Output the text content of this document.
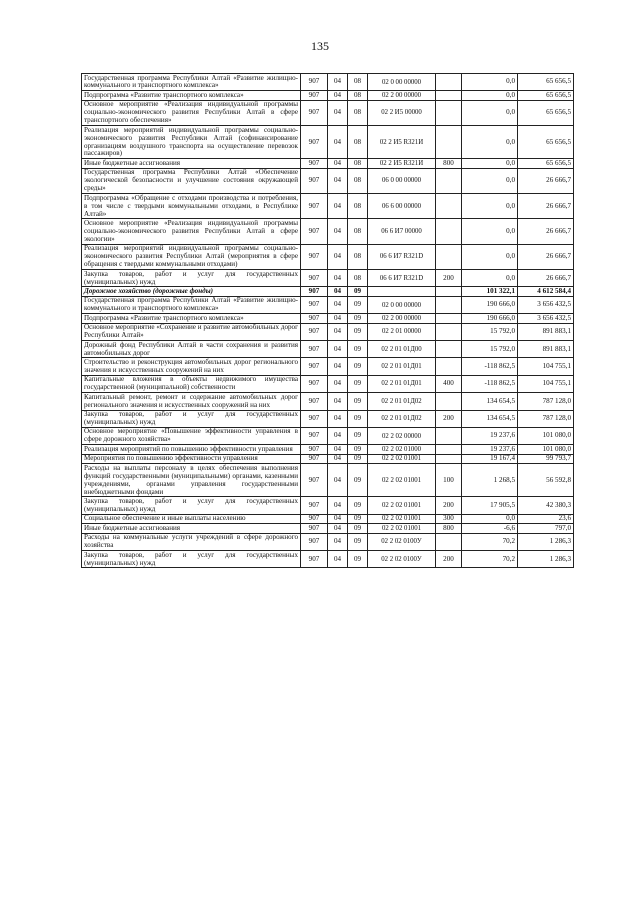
135
Государственная программа Республики Алтай «Развитие жилищно-коммунального и транспортного комплекса»	907	04	08	02 0 00 00000		0,0	65 656,5
Подпрограмма «Развитие транспортного комплекса»	907	04	08	02 2 00 00000		0,0	65 656,5
Основное мероприятие «Реализация индивидуальной программы социально-экономического развития Республики Алтай в сфере транспортного обеспечения»	907	04	08	02 2 И5 00000		0,0	65 656,5
Реализация мероприятий индивидуальной программы социально-экономического развития Республики Алтай (софинансирование организациям воздушного транспорта на осуществление перевозок пассажиров)	907	04	08	02 2 И5 R321И		0,0	65 656,5
Иные бюджетные ассигнования	907	04	08	02 2 И5 R321И	800	0,0	65 656,5
Государственная программа Республики Алтай «Обеспечение экологической безопасности и улучшение состояния окружающей среды»	907	04	08	06 0 00 00000		0,0	26 666,7
Подпрограмма «Обращение с отходами производства и потребления, в том числе с твердыми коммунальными отходами, в Республике Алтай»	907	04	08	06 6 00 00000		0,0	26 666,7
Основное мероприятие «Реализация индивидуальной программы социально-экономического развития Республики Алтай в сфере экологии»	907	04	08	06 6 И7 00000		0,0	26 666,7
Реализация мероприятий индивидуальной программы социально-экономического развития Республики Алтай (мероприятия в сфере обращения с твердыми коммунальными отходами)	907	04	08	06 6 И7 R321D		0,0	26 666,7
Закупка товаров, работ и услуг для государственных (муниципальных) нужд	907	04	08	06 6 И7 R321D	200	0,0	26 666,7
Дорожное хозяйство (дорожные фонды)	907	04	09			101 322,1	4 612 584,4
Государственная программа Республики Алтай «Развитие жилищно-коммунального и транспортного комплекса»	907	04	09	02 0 00 00000		190 666,0	3 656 432,5
Подпрограмма «Развитие транспортного комплекса»	907	04	09	02 2 00 00000		190 666,0	3 656 432,5
Основное мероприятие «Сохранение и развитие автомобильных дорог Республики Алтай»	907	04	09	02 2 01 00000		15 792,0	891 883,1
Дорожный фонд Республики Алтай в части сохранения и развития автомобильных дорог	907	04	09	02 2 01 01Д00		15 792,0	891 883,1
Строительство и реконструкция автомобильных дорог регионального значения и искусственных сооружений на них	907	04	09	02 2 01 01Д01		-118 862,5	104 755,1
Капитальные вложения в объекты недвижимого имущества государственной (муниципальной) собственности	907	04	09	02 2 01 01Д01	400	-118 862,5	104 755,1
Капитальный ремонт, ремонт и содержание автомобильных дорог регионального значения и искусственных сооружений на них	907	04	09	02 2 01 01Д02		134 654,5	787 128,0
Закупка товаров, работ и услуг для государственных (муниципальных) нужд	907	04	09	02 2 01 01Д02	200	134 654,5	787 128,0
Основное мероприятие «Повышение эффективности управления в сфере дорожного хозяйства»	907	04	09	02 2 02 00000		19 237,6	101 080,0
Реализация мероприятий по повышению эффективности управления	907	04	09	02 2 02 01000		19 237,6	101 080,0
Мероприятия по повышению эффективности управления	907	04	09	02 2 02 01001		19 167,4	99 793,7
Расходы на выплаты персоналу в целях обеспечения выполнения функций государственными (муниципальными) органами, казенными учреждениями, органами управления государственными внебюджетными фондами	907	04	09	02 2 02 01001	100	1 268,5	56 592,8
Закупка товаров, работ и услуг для государственных (муниципальных) нужд	907	04	09	02 2 02 01001	200	17 905,5	42 380,3
Социальное обеспечение и иные выплаты населению	907	04	09	02 2 02 01001	300	0,0	23,6
Иные бюджетные ассигнования	907	04	09	02 2 02 01001	800	-6,6	797,0
Расходы на коммунальные услуги учреждений в сфере дорожного хозяйства	907	04	09	02 2 02 0100У		70,2	1 286,3
Закупка товаров, работ и услуг для государственных (муниципальных) нужд	907	04	09	02 2 02 0100У	200	70,2	1 286,3
